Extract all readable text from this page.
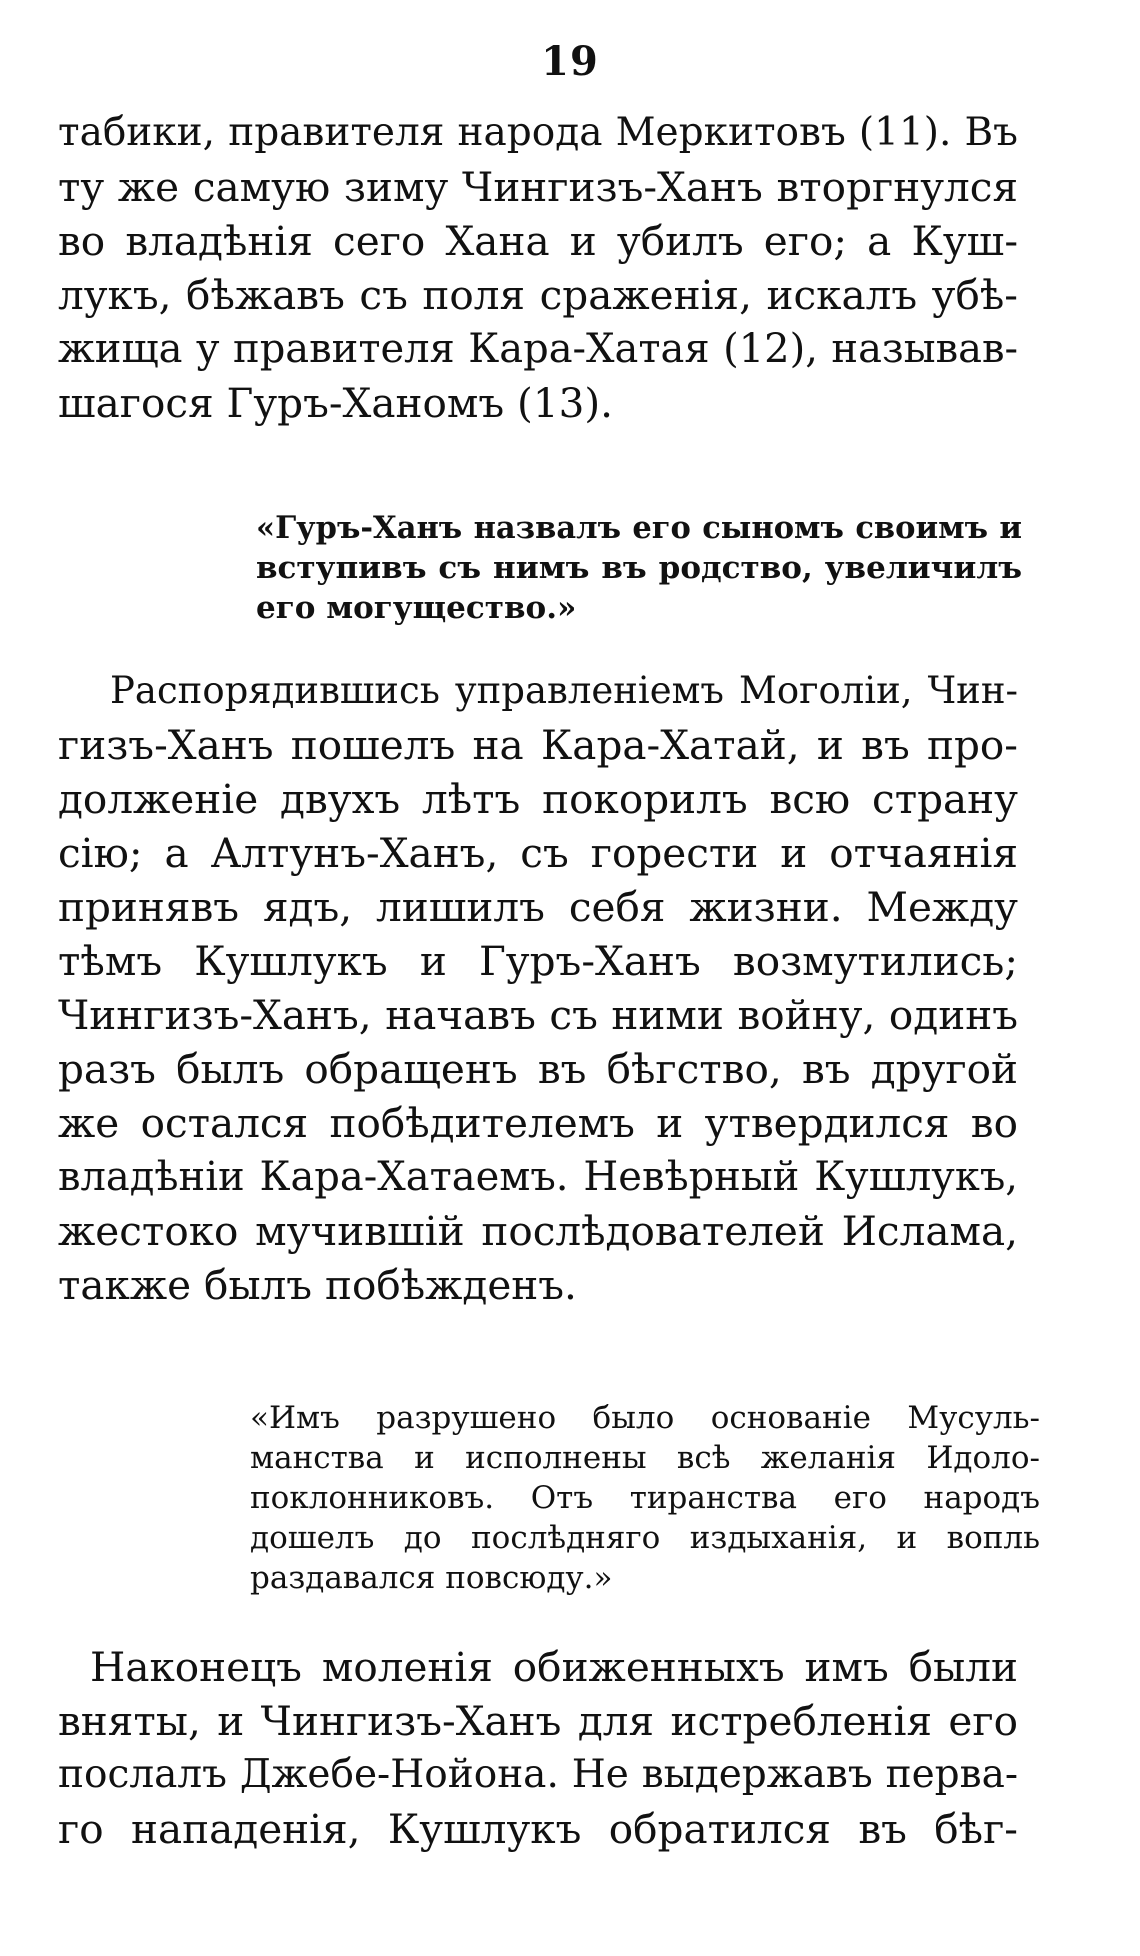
19
табики, правителя народа Меркитовъ (11). Въ
ту же самую зиму Чингизъ-Ханъ вторгнулся
во владѣнія сего Хана и убилъ его; а Куш-
лукъ, бѣжавъ съ поля сраженія, искалъ убѣ-
жища у правителя Кара-Хатая (12), называв-
шагося Гуръ-Ханомъ (13).
«Гуръ-Ханъ назвалъ его сыномъ своимъ и
вступивъ съ нимъ въ родство, увеличилъ
его могущество.»
Распорядившись управленіемъ Моголіи, Чин-
гизъ-Ханъ пошелъ на Кара-Хатай, и въ про-
долженіе двухъ лѣтъ покорилъ всю страну
сію; а Алтунъ-Ханъ, съ горести и отчаянія
принявъ ядъ, лишилъ себя жизни. Между
тѣмъ Кушлукъ и Гуръ-Ханъ возмутились;
Чингизъ-Ханъ, начавъ съ ними войну, одинъ
разъ былъ обращенъ въ бѣгство, въ другой
же остался побѣдителемъ и утвердился во
владѣніи Кара-Хатаемъ. Невѣрный Кушлукъ,
жестоко мучившій послѣдователей Ислама,
также былъ побѣжденъ.
«Имъ разрушено было основаніе Мусуль-
манства и исполнены всѣ желанія Идоло-
поклонниковъ. Отъ тиранства его народъ
дошелъ до послѣдняго издыханія, и вопль
раздавался повсюду.»
Наконецъ моленія обиженныхъ имъ были
вняты, и Чингизъ-Ханъ для истребленія его
послалъ Джебе-Нойона. Не выдержавъ перва-
го нападенія, Кушлукъ обратился въ бѣг-
